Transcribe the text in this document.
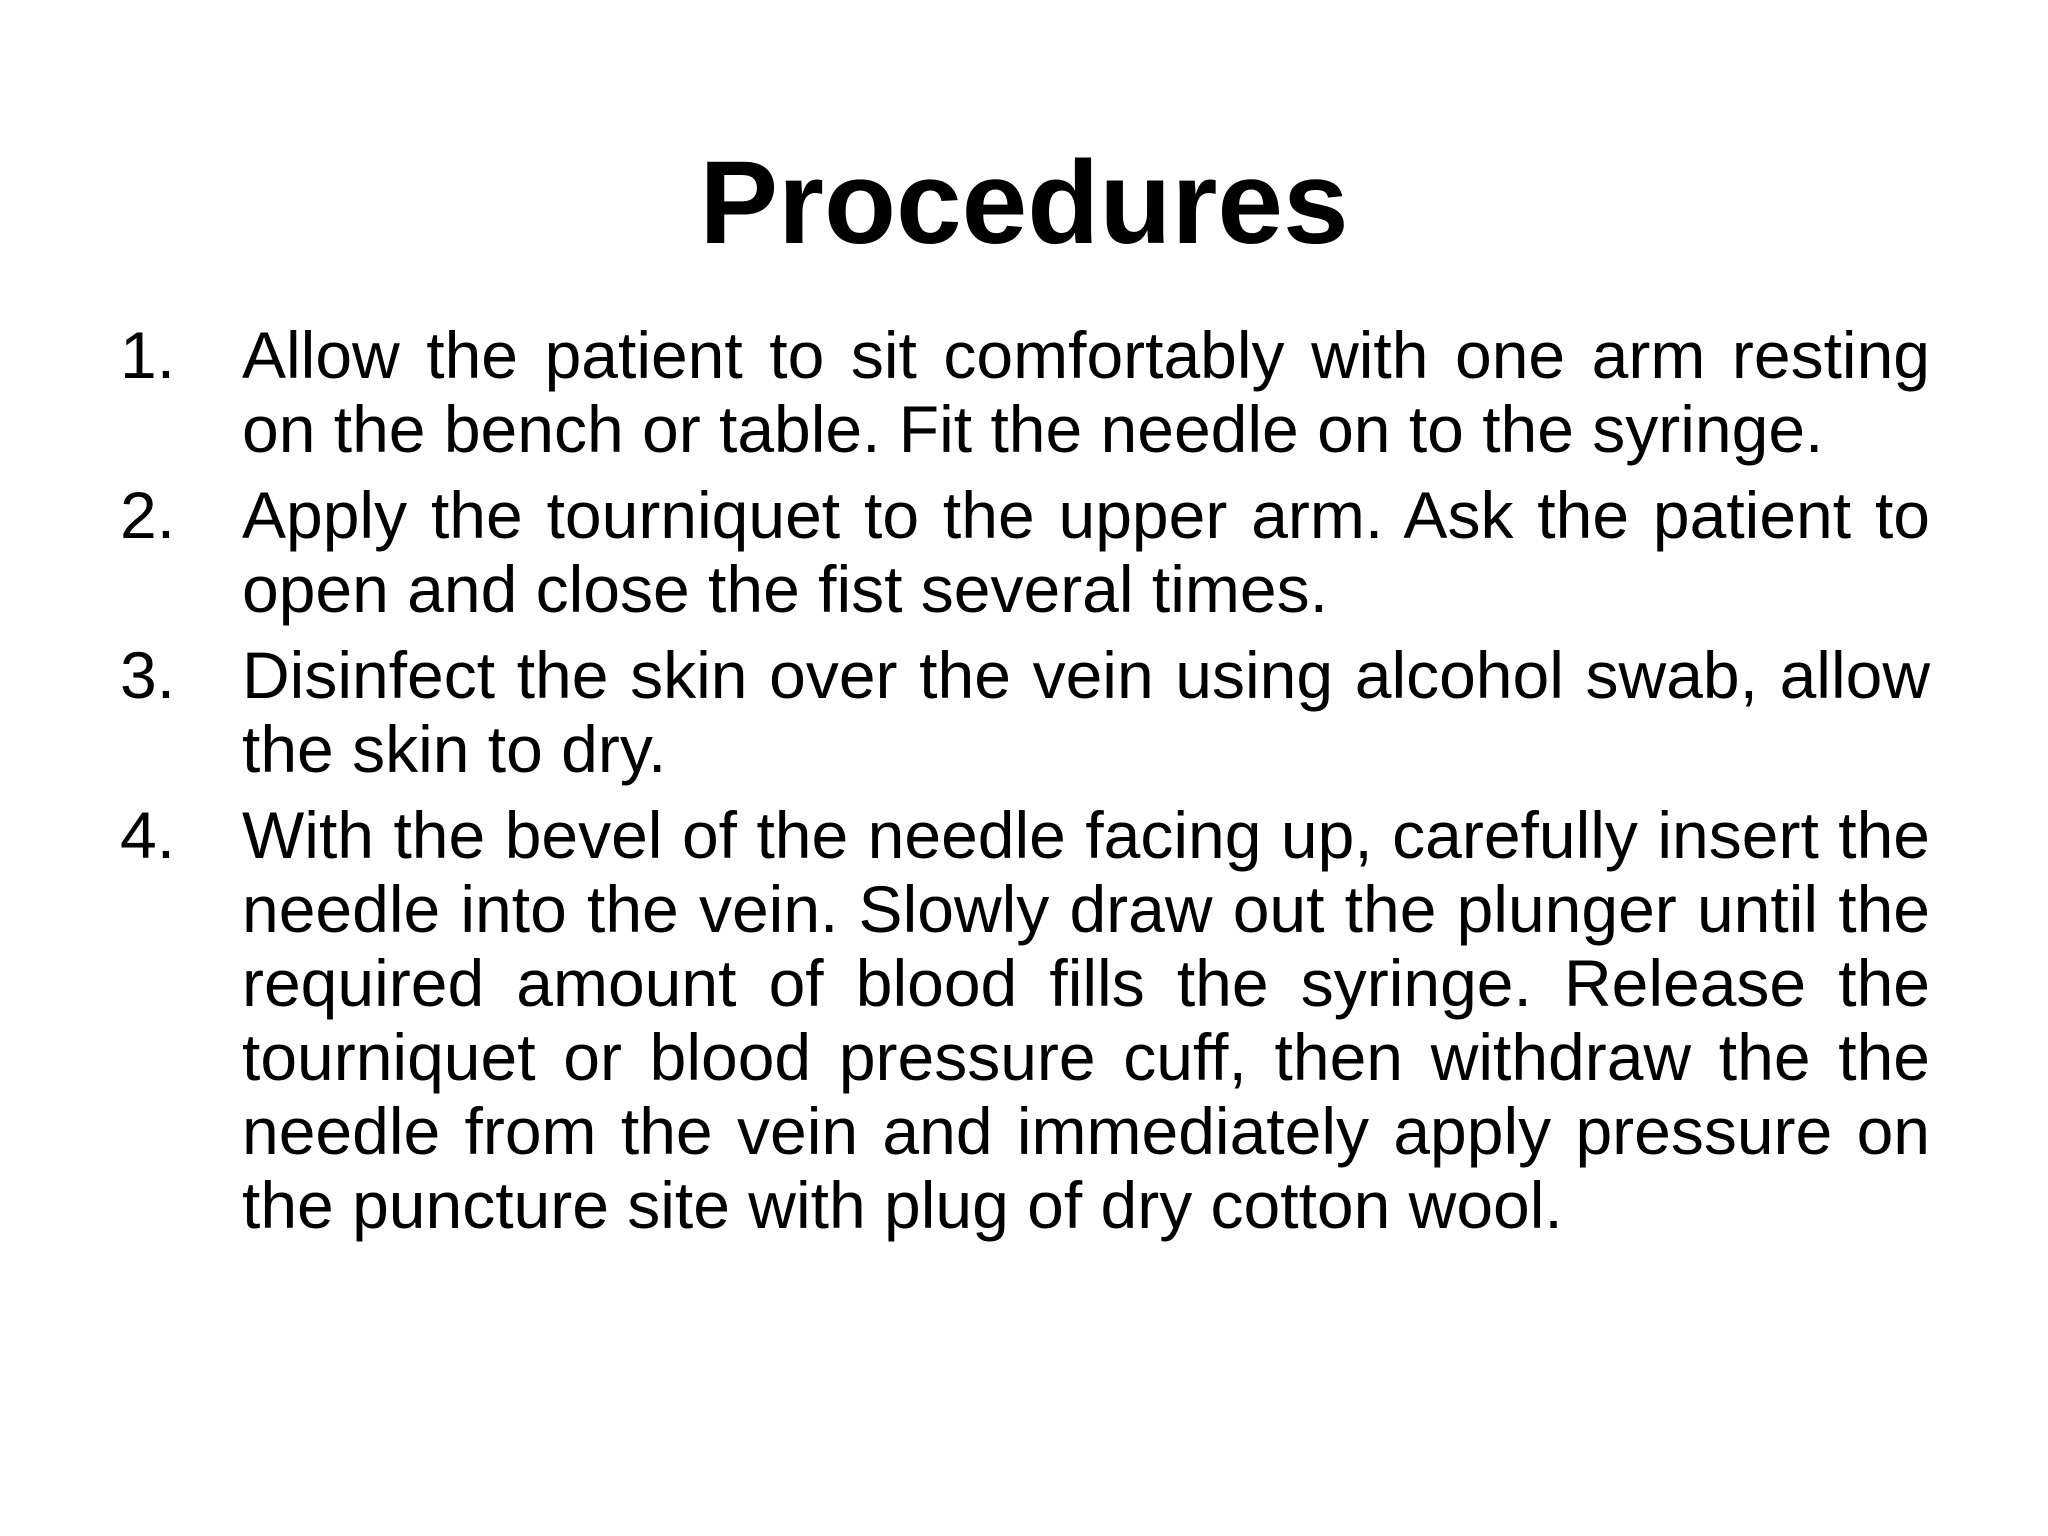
Procedures
1.	Allow the patient to sit comfortably with one arm resting on the bench or table. Fit the needle on to the syringe.
2.	Apply the tourniquet to the upper arm. Ask the patient to open and close the fist several times.
3.	Disinfect the skin over the vein using alcohol swab, allow the skin to dry.
4.	With the bevel of the needle facing up, carefully insert the needle into the vein. Slowly draw out the plunger until the required amount of blood fills the syringe. Release the tourniquet or blood pressure cuff, then withdraw the the needle from the vein and immediately apply pressure on the puncture site with plug of dry cotton wool.
